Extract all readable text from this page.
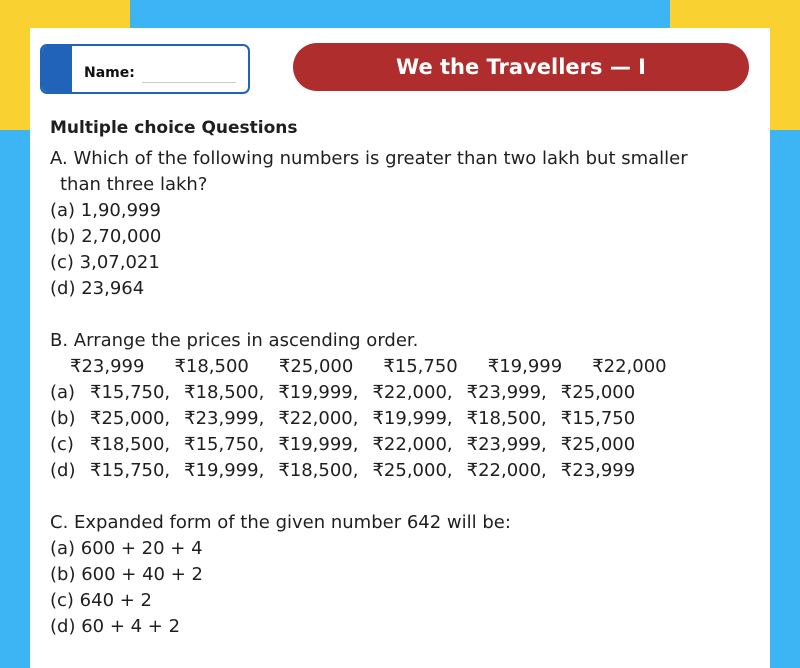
Name:	We the Travellers — I

Multiple choice Questions

A. Which of the following numbers is greater than two lakh but smaller

than three lakh?

(a) 1,90,999

(b) 2,70,000

(c) 3,07,021

(d) 23,964

B. Arrange the prices in ascending order.

₹23,999 ₹18,500 ₹25,000 ₹15,750 ₹19,999 ₹22,000
(a) ₹15,750, ₹18,500, ₹19,999, ₹22,000, ₹23,999, ₹25,000
(b) ₹25,000, ₹23,999, ₹22,000, ₹19,999, ₹18,500, ₹15,750
(c) ₹18,500, ₹15,750, ₹19,999, ₹22,000, ₹23,999, ₹25,000
(d) ₹15,750, ₹19,999, ₹18,500, ₹25,000, ₹22,000, ₹23,999

C. Expanded form of the given number 642 will be:

(a) 600 + 20 + 4

(b) 600 + 40 + 2

(c) 640 + 2

(d) 60 + 4 + 2
